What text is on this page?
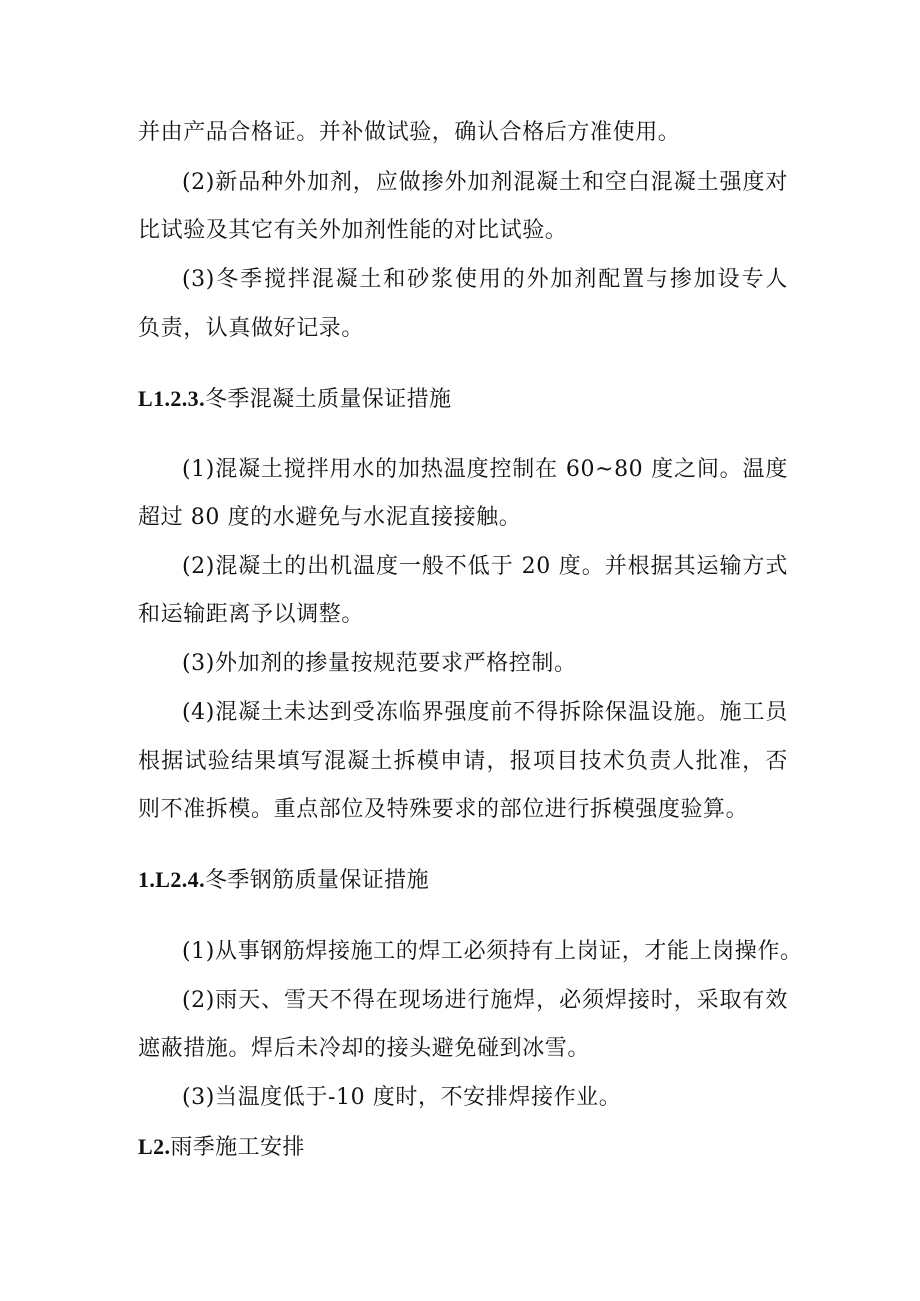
并由产品合格证。并补做试验，确认合格后方准使用。
(2)新品种外加剂，应做掺外加剂混凝土和空白混凝土强度对
比试验及其它有关外加剂性能的对比试验。
(3)冬季搅拌混凝土和砂浆使用的外加剂配置与掺加设专人
负责，认真做好记录。
L1.2.3.冬季混凝土质量保证措施
(1)混凝土搅拌用水的加热温度控制在 60~80 度之间。温度
超过 80 度的水避免与水泥直接接触。
(2)混凝土的出机温度一般不低于 20 度。并根据其运输方式
和运输距离予以调整。
(3)外加剂的掺量按规范要求严格控制。
(4)混凝土未达到受冻临界强度前不得拆除保温设施。施工员
根据试验结果填写混凝土拆模申请，报项目技术负责人批准，否
则不准拆模。重点部位及特殊要求的部位进行拆模强度验算。
1.L2.4.冬季钢筋质量保证措施
(1)从事钢筋焊接施工的焊工必须持有上岗证，才能上岗操作。
(2)雨天、雪天不得在现场进行施焊，必须焊接时，采取有效
遮蔽措施。焊后未冷却的接头避免碰到冰雪。
(3)当温度低于-10 度时，不安排焊接作业。
L2.雨季施工安排
